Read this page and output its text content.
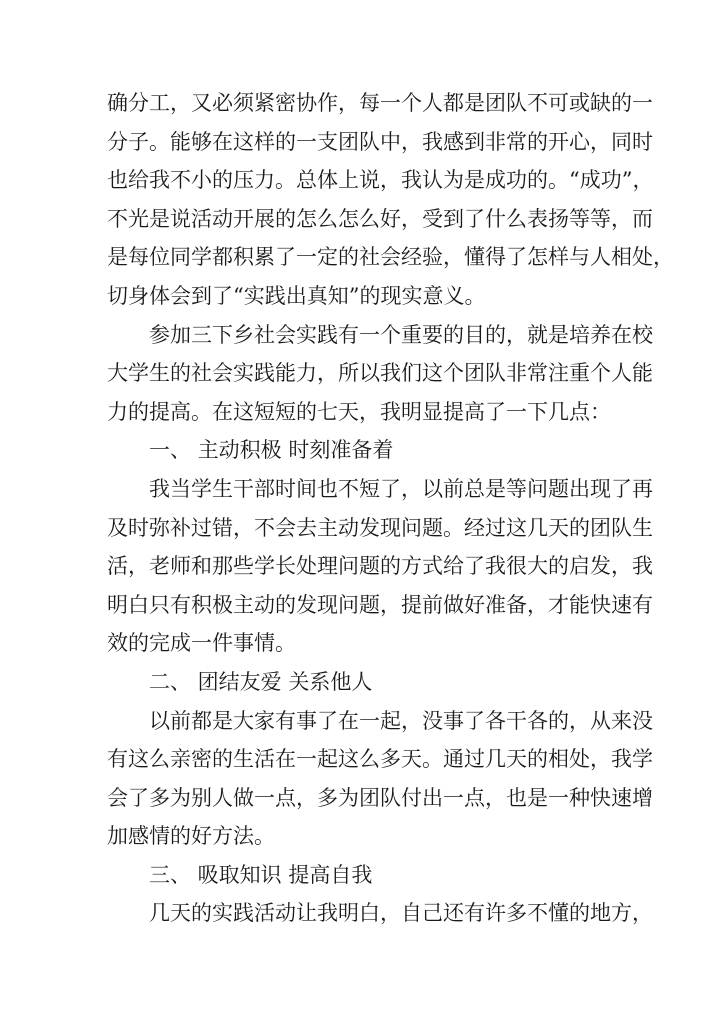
确分工，又必须紧密协作，每一个人都是团队不可或缺的一
分子。能够在这样的一支团队中，我感到非常的开心，同时
也给我不小的压力。总体上说，我认为是成功的。“成功”，
不光是说活动开展的怎么怎么好，受到了什么表扬等等，而
是每位同学都积累了一定的社会经验，懂得了怎样与人相处，
切身体会到了“实践出真知”的现实意义。
参加三下乡社会实践有一个重要的目的，就是培养在校
大学生的社会实践能力，所以我们这个团队非常注重个人能
力的提高。在这短短的七天，我明显提高了一下几点：
一、 主动积极 时刻准备着
我当学生干部时间也不短了，以前总是等问题出现了再
及时弥补过错，不会去主动发现问题。经过这几天的团队生
活，老师和那些学长处理问题的方式给了我很大的启发，我
明白只有积极主动的发现问题，提前做好准备，才能快速有
效的完成一件事情。
二、 团结友爱 关系他人
以前都是大家有事了在一起，没事了各干各的，从来没
有这么亲密的生活在一起这么多天。通过几天的相处，我学
会了多为别人做一点，多为团队付出一点，也是一种快速增
加感情的好方法。
三、 吸取知识 提高自我
几天的实践活动让我明白，自己还有许多不懂的地方，
